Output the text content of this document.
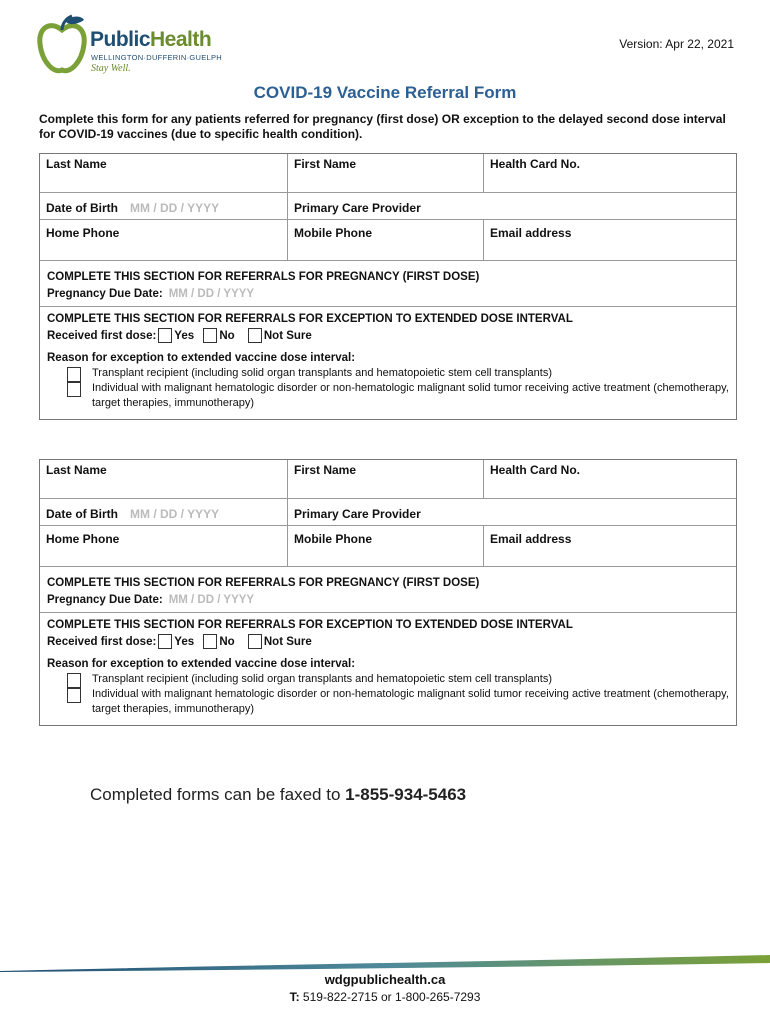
PublicHealth
WELLINGTON·DUFFERIN·GUELPH
Stay Well.
Version: Apr 22, 2021
COVID-19 Vaccine Referral Form
Complete this form for any patients referred for pregnancy (first dose) OR exception to the delayed second dose interval for COVID-19 vaccines (due to specific health condition).
Last Name	First Name	Health Card No.
Date of Birth MM / DD / YYYY	Primary Care Provider
Home Phone	Mobile Phone	Email address
COMPLETE THIS SECTION FOR REFERRALS FOR PREGNANCY (FIRST DOSE)
Pregnancy Due Date: MM / DD / YYYY
COMPLETE THIS SECTION FOR REFERRALS FOR EXCEPTION TO EXTENDED DOSE INTERVAL
Received first dose: Yes No	Not Sure
Reason for exception to extended vaccine dose interval:
Transplant recipient (including solid organ transplants and hematopoietic stem cell transplants)
Individual with malignant hematologic disorder or non-hematologic malignant solid tumor receiving active treatment (chemotherapy, target therapies, immunotherapy)
Last Name	First Name	Health Card No.
Date of Birth MM / DD / YYYY	Primary Care Provider
Home Phone	Mobile Phone	Email address
COMPLETE THIS SECTION FOR REFERRALS FOR PREGNANCY (FIRST DOSE)
Pregnancy Due Date: MM / DD / YYYY
COMPLETE THIS SECTION FOR REFERRALS FOR EXCEPTION TO EXTENDED DOSE INTERVAL
Received first dose: Yes No	Not Sure
Reason for exception to extended vaccine dose interval:
Transplant recipient (including solid organ transplants and hematopoietic stem cell transplants)
Individual with malignant hematologic disorder or non-hematologic malignant solid tumor receiving active treatment (chemotherapy, target therapies, immunotherapy)
Completed forms can be faxed to 1-855-934-5463
wdgpublichealth.ca
T: 519-822-2715 or 1-800-265-7293
